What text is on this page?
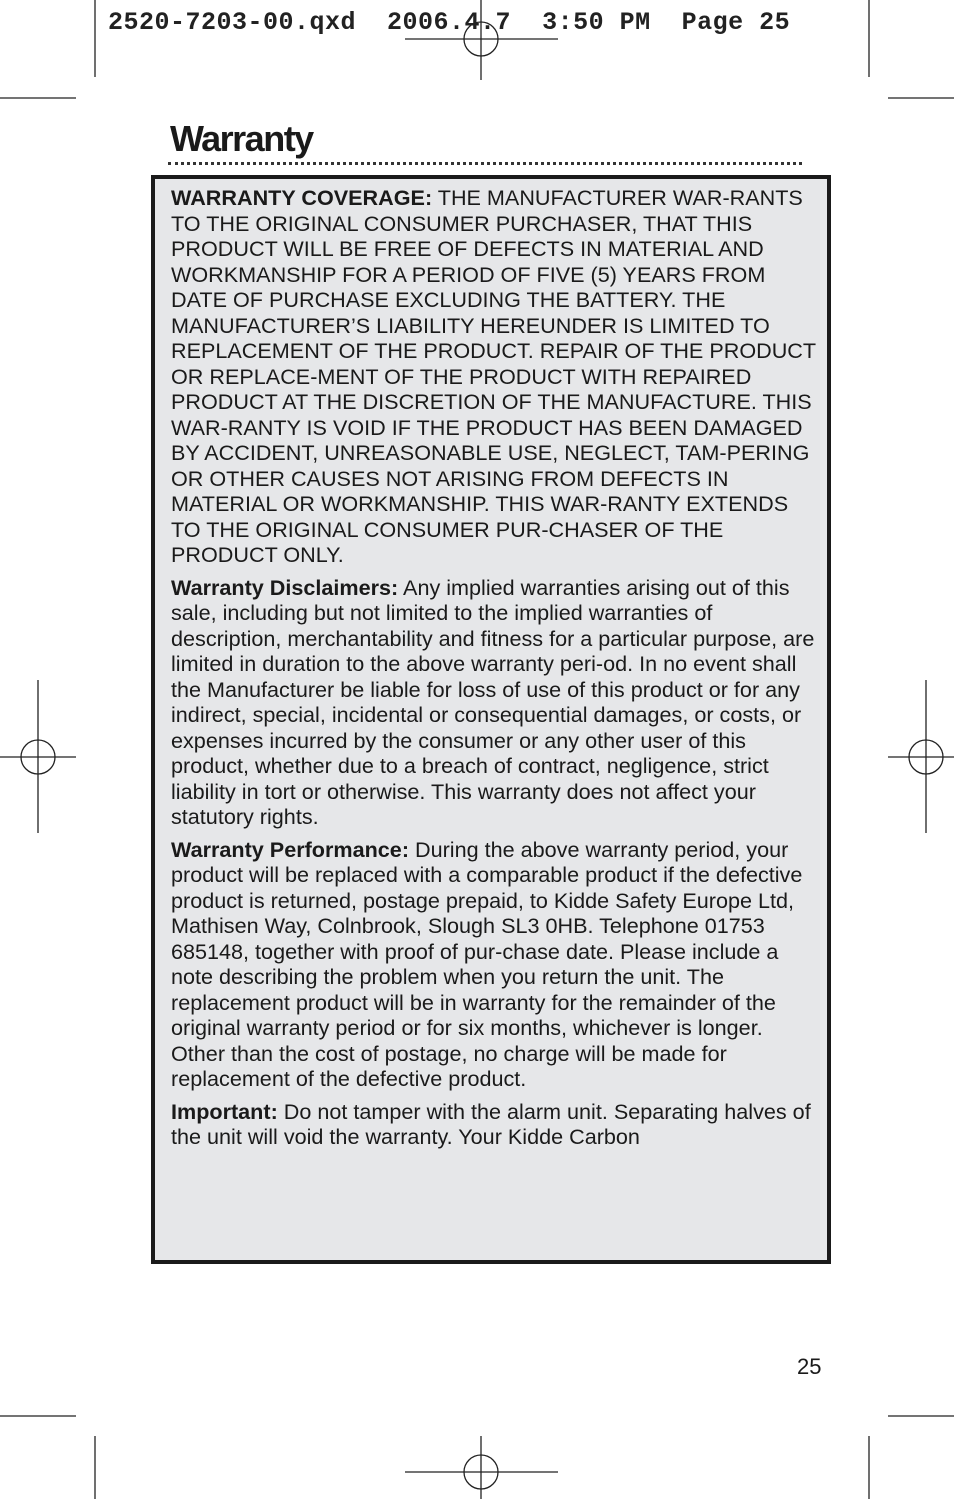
2520-7203-00.qxd  2006.4.7  3:50 PM  Page 25
Warranty

WARRANTY COVERAGE: THE MANUFACTURER WAR-RANTS TO THE ORIGINAL CONSUMER PURCHASER, THAT THIS PRODUCT WILL BE FREE OF DEFECTS IN MATERIAL AND WORKMANSHIP FOR A PERIOD OF FIVE (5) YEARS FROM DATE OF PURCHASE EXCLUDING THE BATTERY. THE MANUFACTURER’S LIABILITY HEREUNDER IS LIMITED TO REPLACEMENT OF THE PRODUCT. REPAIR OF THE PRODUCT OR REPLACE-MENT OF THE PRODUCT WITH REPAIRED PRODUCT AT THE DISCRETION OF THE MANUFACTURE. THIS WAR-RANTY IS VOID IF THE PRODUCT HAS BEEN DAMAGED BY ACCIDENT, UNREASONABLE USE, NEGLECT, TAM-PERING OR OTHER CAUSES NOT ARISING FROM DEFECTS IN MATERIAL OR WORKMANSHIP. THIS WAR-RANTY EXTENDS TO THE ORIGINAL CONSUMER PUR-CHASER OF THE PRODUCT ONLY.

Warranty Disclaimers: Any implied warranties arising out of this sale, including but not limited to the implied warranties of description, merchantability and fitness for a particular purpose, are limited in duration to the above warranty peri-od. In no event shall the Manufacturer be liable for loss of use of this product or for any indirect, special, incidental or consequential damages, or costs, or expenses incurred by the consumer or any other user of this product, whether due to a breach of contract, negligence, strict liability in tort or otherwise. This warranty does not affect your statutory rights.

Warranty Performance: During the above warranty period, your product will be replaced with a comparable product if the defective product is returned, postage prepaid, to Kidde Safety Europe Ltd, Mathisen Way, Colnbrook, Slough SL3 0HB. Telephone 01753 685148, together with proof of pur-chase date. Please include a note describing the problem when you return the unit. The replacement product will be in warranty for the remainder of the original warranty period or for six months, whichever is longer. Other than the cost of postage, no charge will be made for replacement of the defective product.

Important: Do not tamper with the alarm unit. Separating halves of the unit will void the warranty. Your Kidde Carbon

25
